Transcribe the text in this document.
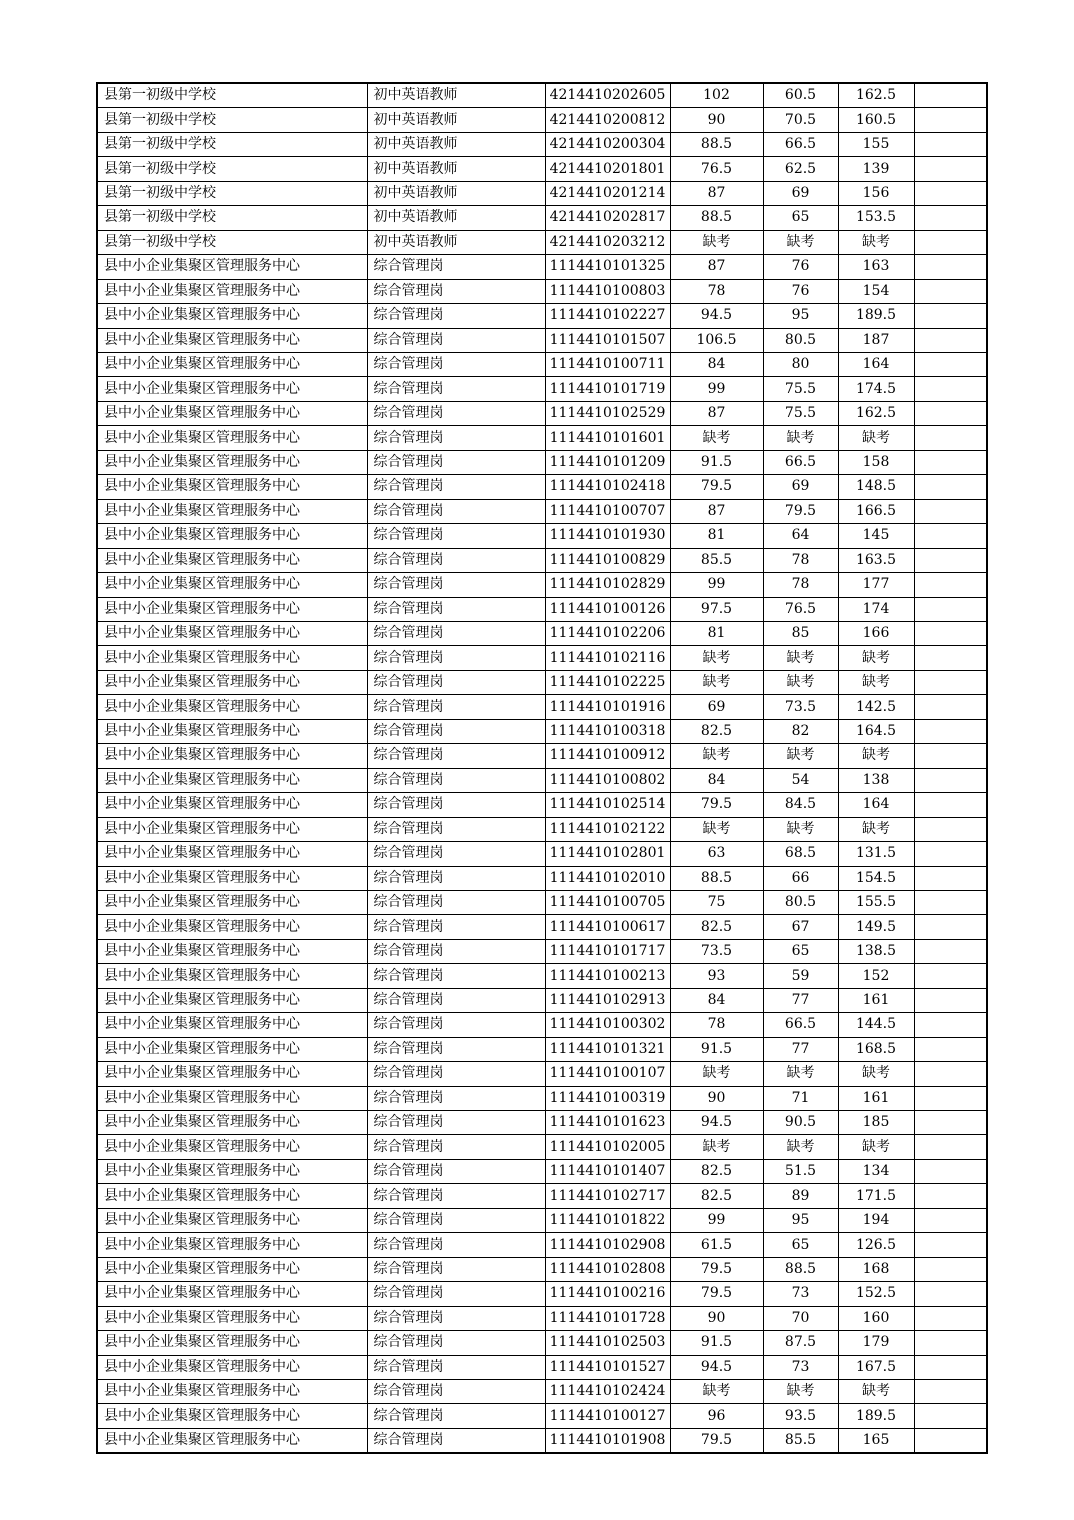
县第一初级中学校	初中英语教师	4214410202605	102	60.5	162.5	
县第一初级中学校	初中英语教师	4214410200812	90	70.5	160.5	
县第一初级中学校	初中英语教师	4214410200304	88.5	66.5	155	
县第一初级中学校	初中英语教师	4214410201801	76.5	62.5	139	
县第一初级中学校	初中英语教师	4214410201214	87	69	156	
县第一初级中学校	初中英语教师	4214410202817	88.5	65	153.5	
县第一初级中学校	初中英语教师	4214410203212	缺考	缺考	缺考	
县中小企业集聚区管理服务中心	综合管理岗	1114410101325	87	76	163	
县中小企业集聚区管理服务中心	综合管理岗	1114410100803	78	76	154	
县中小企业集聚区管理服务中心	综合管理岗	1114410102227	94.5	95	189.5	
县中小企业集聚区管理服务中心	综合管理岗	1114410101507	106.5	80.5	187	
县中小企业集聚区管理服务中心	综合管理岗	1114410100711	84	80	164	
县中小企业集聚区管理服务中心	综合管理岗	1114410101719	99	75.5	174.5	
县中小企业集聚区管理服务中心	综合管理岗	1114410102529	87	75.5	162.5	
县中小企业集聚区管理服务中心	综合管理岗	1114410101601	缺考	缺考	缺考	
县中小企业集聚区管理服务中心	综合管理岗	1114410101209	91.5	66.5	158	
县中小企业集聚区管理服务中心	综合管理岗	1114410102418	79.5	69	148.5	
县中小企业集聚区管理服务中心	综合管理岗	1114410100707	87	79.5	166.5	
县中小企业集聚区管理服务中心	综合管理岗	1114410101930	81	64	145	
县中小企业集聚区管理服务中心	综合管理岗	1114410100829	85.5	78	163.5	
县中小企业集聚区管理服务中心	综合管理岗	1114410102829	99	78	177	
县中小企业集聚区管理服务中心	综合管理岗	1114410100126	97.5	76.5	174	
县中小企业集聚区管理服务中心	综合管理岗	1114410102206	81	85	166	
县中小企业集聚区管理服务中心	综合管理岗	1114410102116	缺考	缺考	缺考	
县中小企业集聚区管理服务中心	综合管理岗	1114410102225	缺考	缺考	缺考	
县中小企业集聚区管理服务中心	综合管理岗	1114410101916	69	73.5	142.5	
县中小企业集聚区管理服务中心	综合管理岗	1114410100318	82.5	82	164.5	
县中小企业集聚区管理服务中心	综合管理岗	1114410100912	缺考	缺考	缺考	
县中小企业集聚区管理服务中心	综合管理岗	1114410100802	84	54	138	
县中小企业集聚区管理服务中心	综合管理岗	1114410102514	79.5	84.5	164	
县中小企业集聚区管理服务中心	综合管理岗	1114410102122	缺考	缺考	缺考	
县中小企业集聚区管理服务中心	综合管理岗	1114410102801	63	68.5	131.5	
县中小企业集聚区管理服务中心	综合管理岗	1114410102010	88.5	66	154.5	
县中小企业集聚区管理服务中心	综合管理岗	1114410100705	75	80.5	155.5	
县中小企业集聚区管理服务中心	综合管理岗	1114410100617	82.5	67	149.5	
县中小企业集聚区管理服务中心	综合管理岗	1114410101717	73.5	65	138.5	
县中小企业集聚区管理服务中心	综合管理岗	1114410100213	93	59	152	
县中小企业集聚区管理服务中心	综合管理岗	1114410102913	84	77	161	
县中小企业集聚区管理服务中心	综合管理岗	1114410100302	78	66.5	144.5	
县中小企业集聚区管理服务中心	综合管理岗	1114410101321	91.5	77	168.5	
县中小企业集聚区管理服务中心	综合管理岗	1114410100107	缺考	缺考	缺考	
县中小企业集聚区管理服务中心	综合管理岗	1114410100319	90	71	161	
县中小企业集聚区管理服务中心	综合管理岗	1114410101623	94.5	90.5	185	
县中小企业集聚区管理服务中心	综合管理岗	1114410102005	缺考	缺考	缺考	
县中小企业集聚区管理服务中心	综合管理岗	1114410101407	82.5	51.5	134	
县中小企业集聚区管理服务中心	综合管理岗	1114410102717	82.5	89	171.5	
县中小企业集聚区管理服务中心	综合管理岗	1114410101822	99	95	194	
县中小企业集聚区管理服务中心	综合管理岗	1114410102908	61.5	65	126.5	
县中小企业集聚区管理服务中心	综合管理岗	1114410102808	79.5	88.5	168	
县中小企业集聚区管理服务中心	综合管理岗	1114410100216	79.5	73	152.5	
县中小企业集聚区管理服务中心	综合管理岗	1114410101728	90	70	160	
县中小企业集聚区管理服务中心	综合管理岗	1114410102503	91.5	87.5	179	
县中小企业集聚区管理服务中心	综合管理岗	1114410101527	94.5	73	167.5	
县中小企业集聚区管理服务中心	综合管理岗	1114410102424	缺考	缺考	缺考	
县中小企业集聚区管理服务中心	综合管理岗	1114410100127	96	93.5	189.5	
县中小企业集聚区管理服务中心	综合管理岗	1114410101908	79.5	85.5	165	
